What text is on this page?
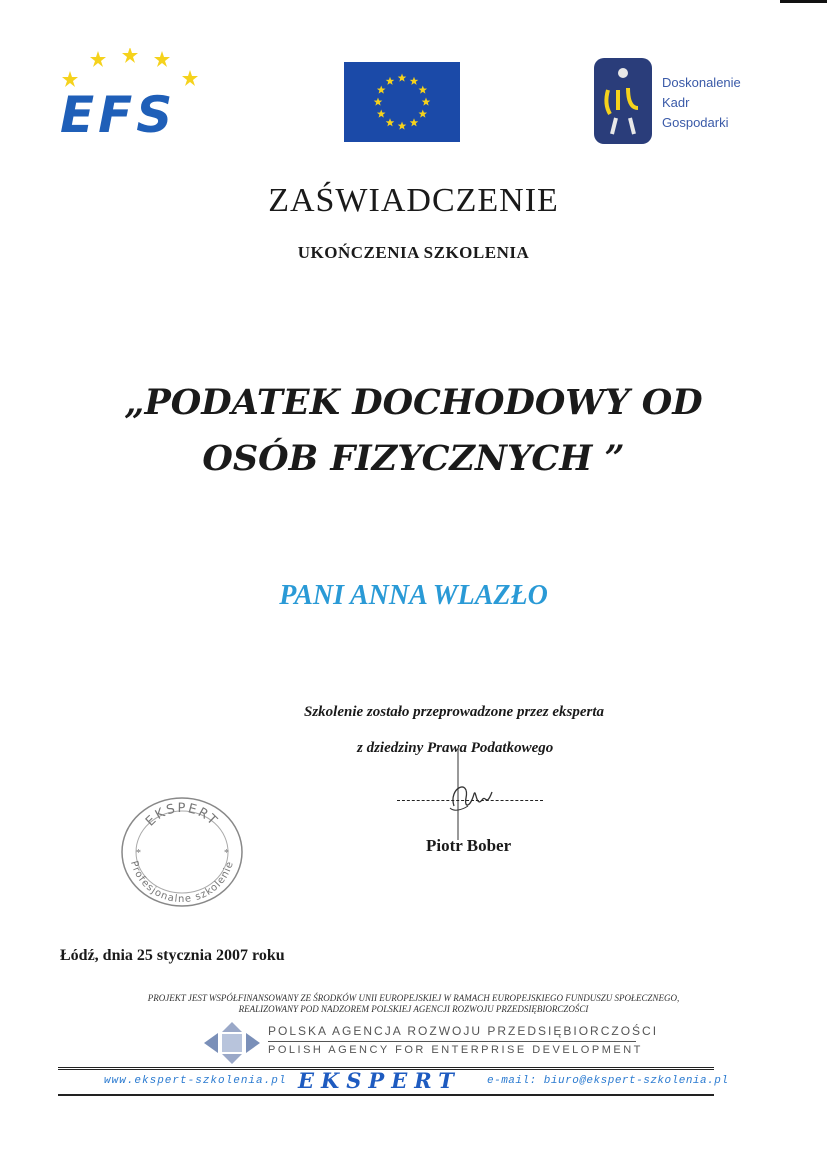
EFS
Doskonalenie
Kadr
Gospodarki
ZAŚWIADCZENIE
UKOŃCZENIA SZKOLENIA
„PODATEK DOCHODOWY OD
OSÓB FIZYCZNYCH ”
PANI ANNA WLAZŁO
Szkolenie zostało przeprowadzone przez eksperta
z dziedziny Prawa Podatkowego
Piotr Bober
EKSPERT
Profesjonalne szkolenie
*	*
Łódź, dnia 25 stycznia 2007 roku
PROJEKT JEST WSPÓŁFINANSOWANY ZE ŚRODKÓW UNII EUROPEJSKIEJ W RAMACH EUROPEJSKIEGO FUNDUSZU SPOŁECZNEGO,
REALIZOWANY POD NADZOREM POLSKIEJ AGENCJI ROZWOJU PRZEDSIĘBIORCZOŚCI
POLSKA AGENCJA ROZWOJU PRZEDSIĘBIORCZOŚCI
POLISH AGENCY FOR ENTERPRISE DEVELOPMENT
www.ekspert-szkolenia.pl EKSPERT e-mail: biuro@ekspert-szkolenia.pl
